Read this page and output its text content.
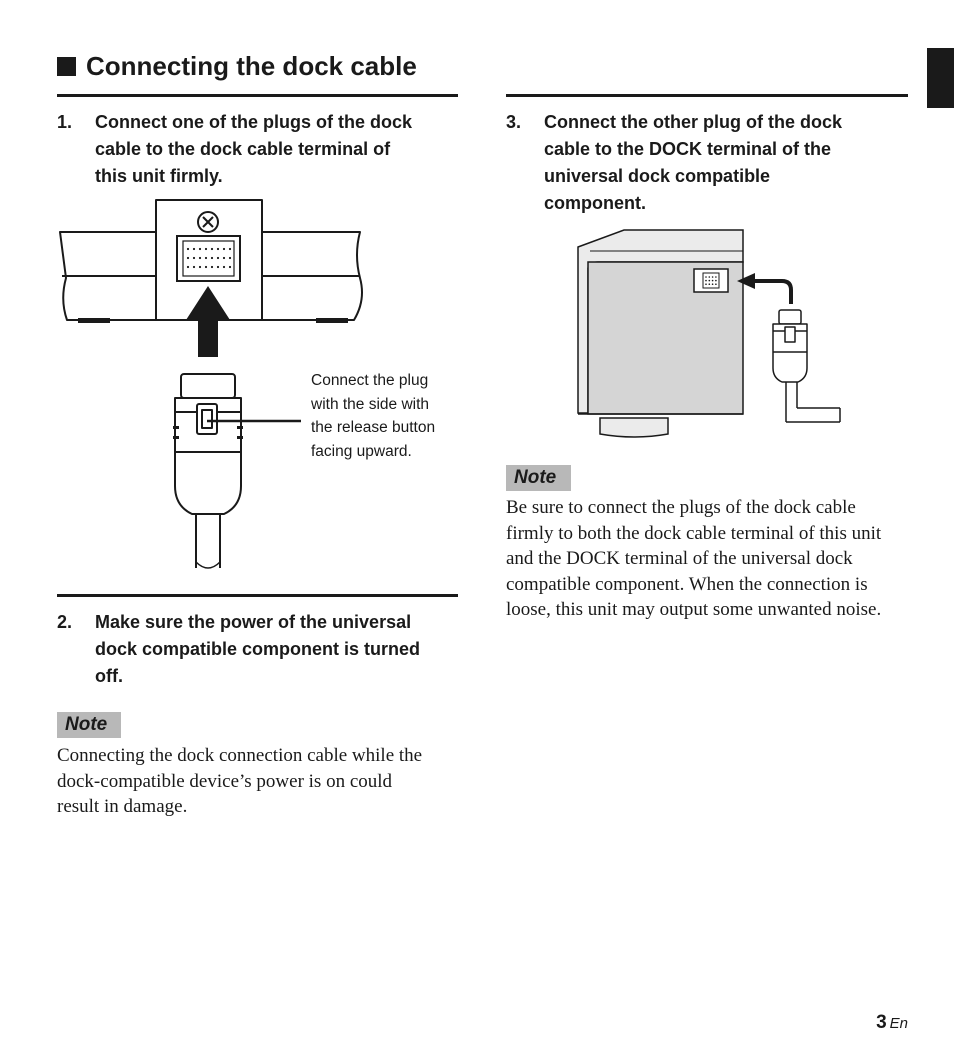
Connecting the dock cable
1. Connect one of the plugs of the dock
cable to the dock cable terminal of
this unit firmly.
Connect the plug
with the side with
the release button
facing upward.
2. Make sure the power of the universal
dock compatible component is turned
off.
Note
Connecting the dock connection cable while the
dock-compatible device’s power is on could
result in damage.
3. Connect the other plug of the dock
cable to the DOCK terminal of the
universal dock compatible
component.
Note
Be sure to connect the plugs of the dock cable
firmly to both the dock cable terminal of this unit
and the DOCK terminal of the universal dock
compatible component. When the connection is
loose, this unit may output some unwanted noise.
3 En
